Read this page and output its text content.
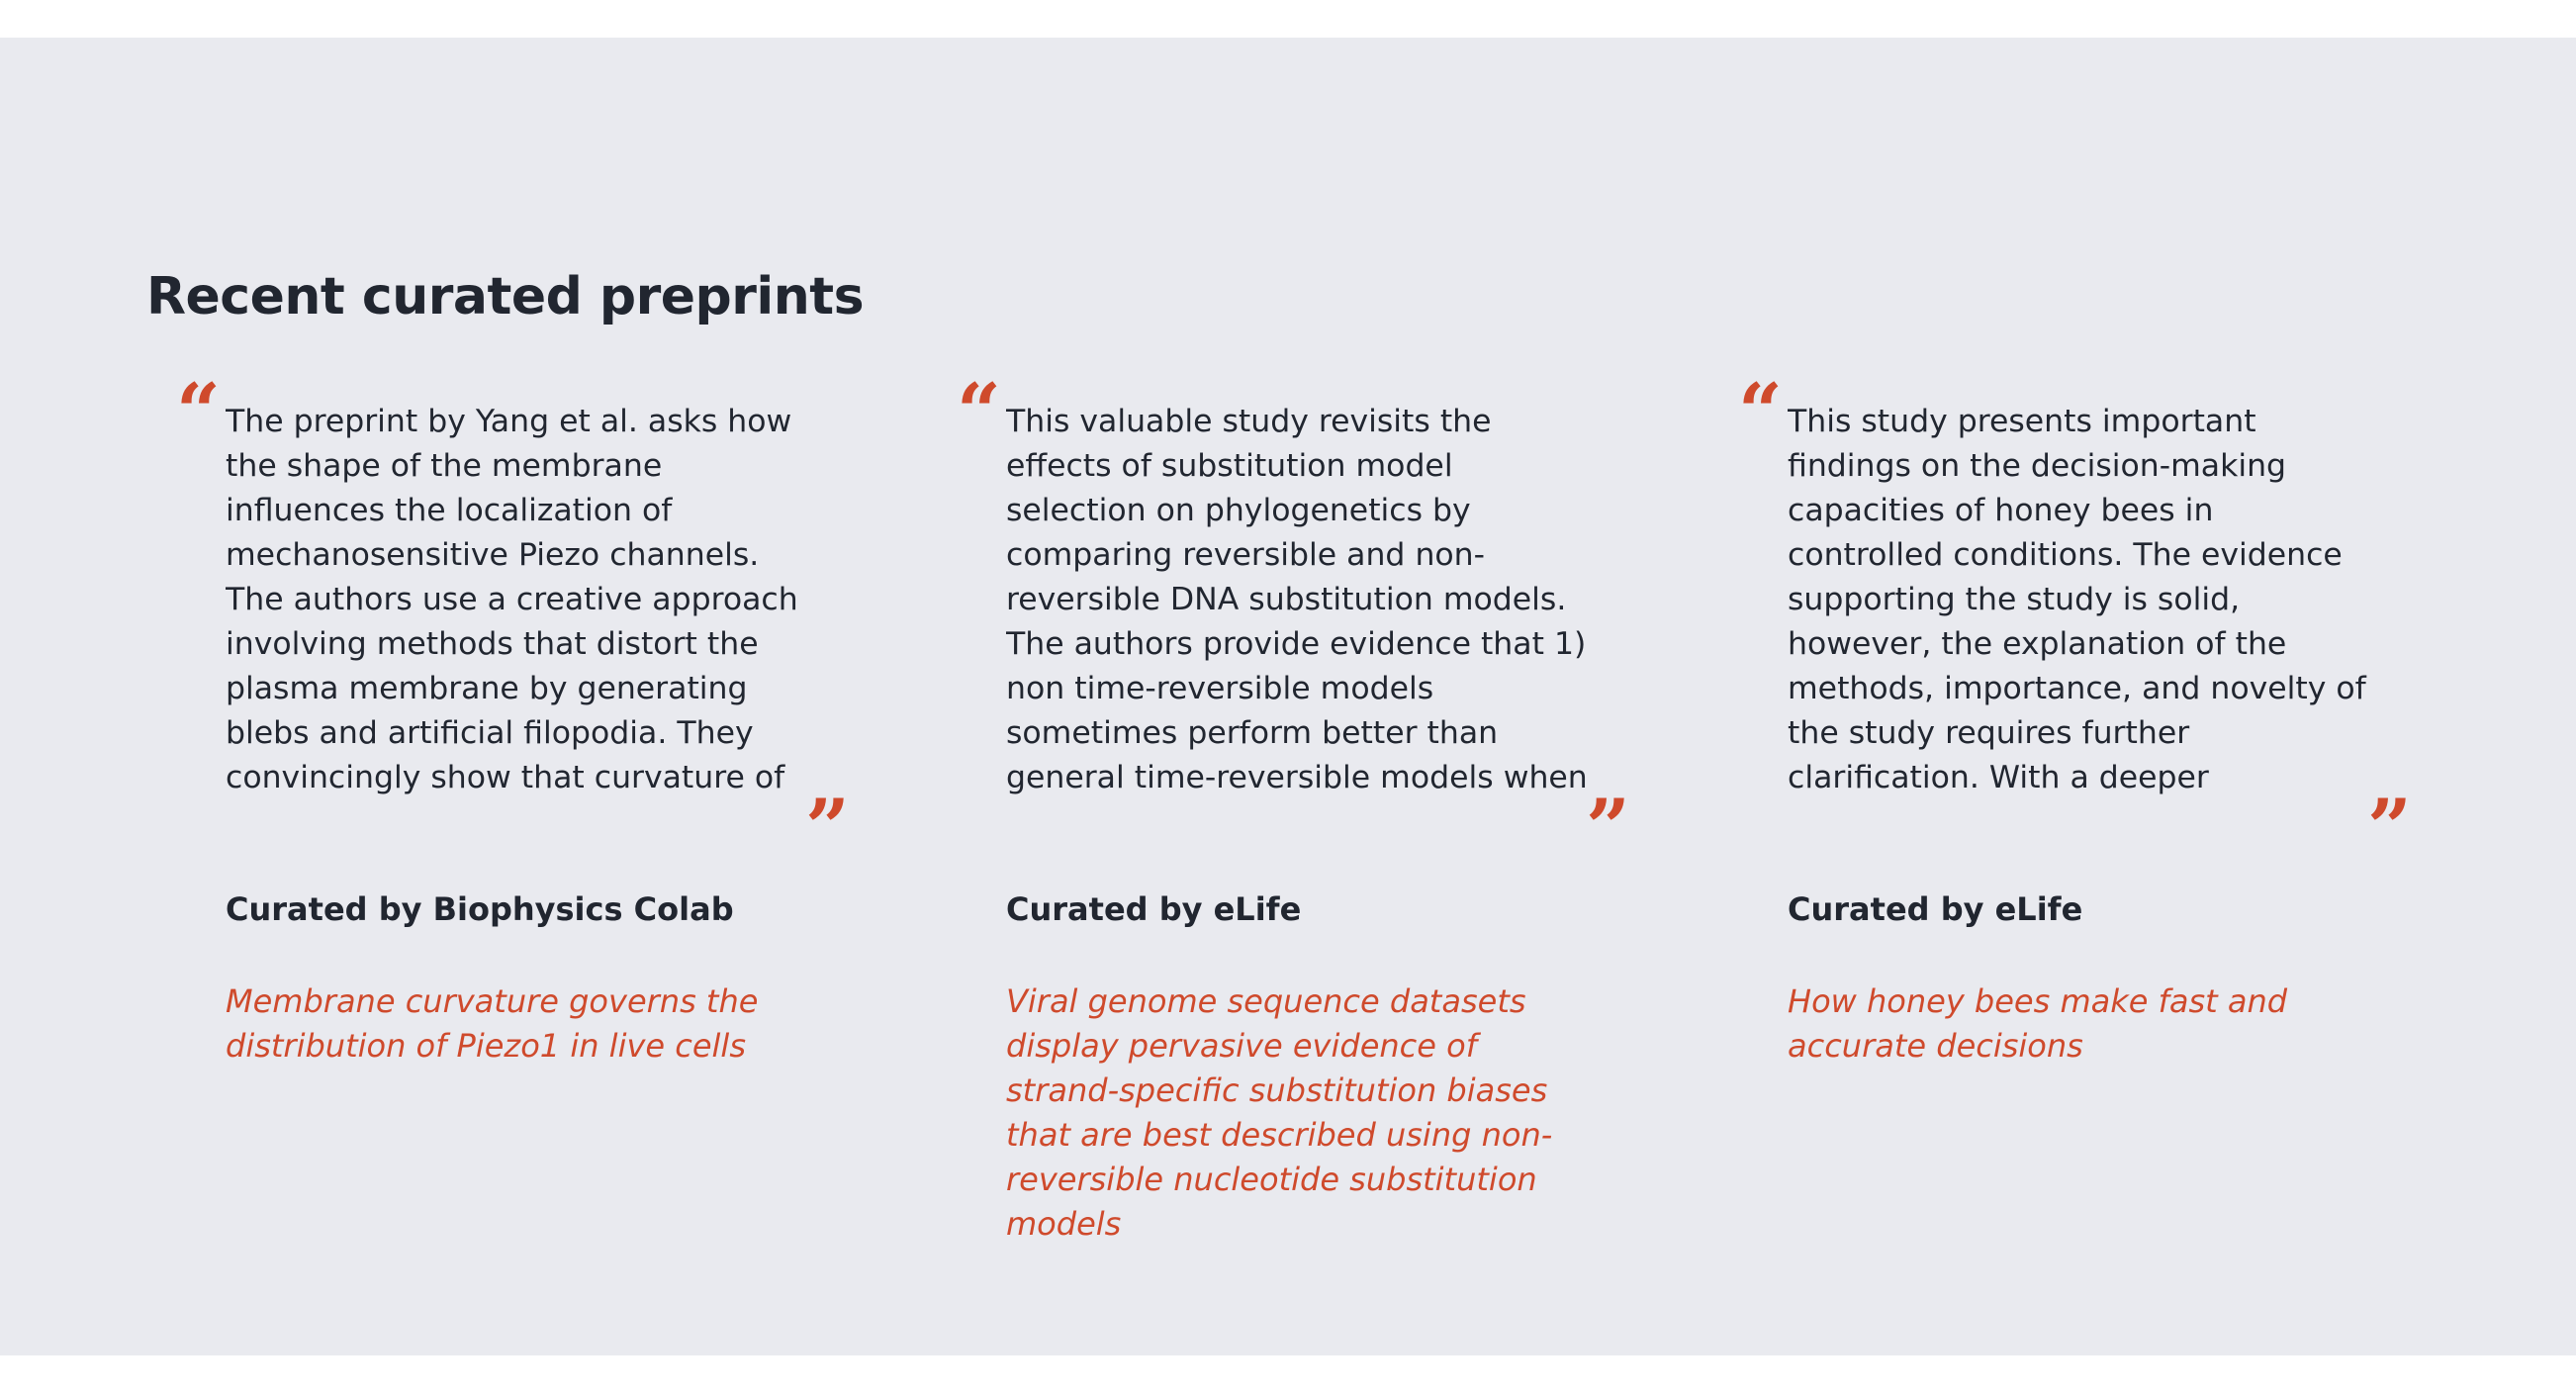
Recent curated preprints
“ The preprint by Yang et al. asks how the shape of the membrane influences the localization of mechanosensitive Piezo channels. The authors use a creative approach involving methods that distort the plasma membrane by generating blebs and artificial filopodia. They convincingly show that curvature of

”
Curated by Biophysics Colab
Membrane curvature governs the distribution of Piezo1 in live cells
“ This valuable study revisits the effects of substitution model selection on phylogenetics by comparing reversible and non-reversible DNA substitution models. The authors provide evidence that 1) non time-reversible models sometimes perform better than general time-reversible models when

”
Curated by eLife
Viral genome sequence datasets display pervasive evidence of strand-specific substitution biases that are best described using non-reversible nucleotide substitution models
“ This study presents important findings on the decision-making capacities of honey bees in controlled conditions. The evidence supporting the study is solid, however, the explanation of the methods, importance, and novelty of the study requires further clarification. With a deeper

”
Curated by eLife
How honey bees make fast and accurate decisions
